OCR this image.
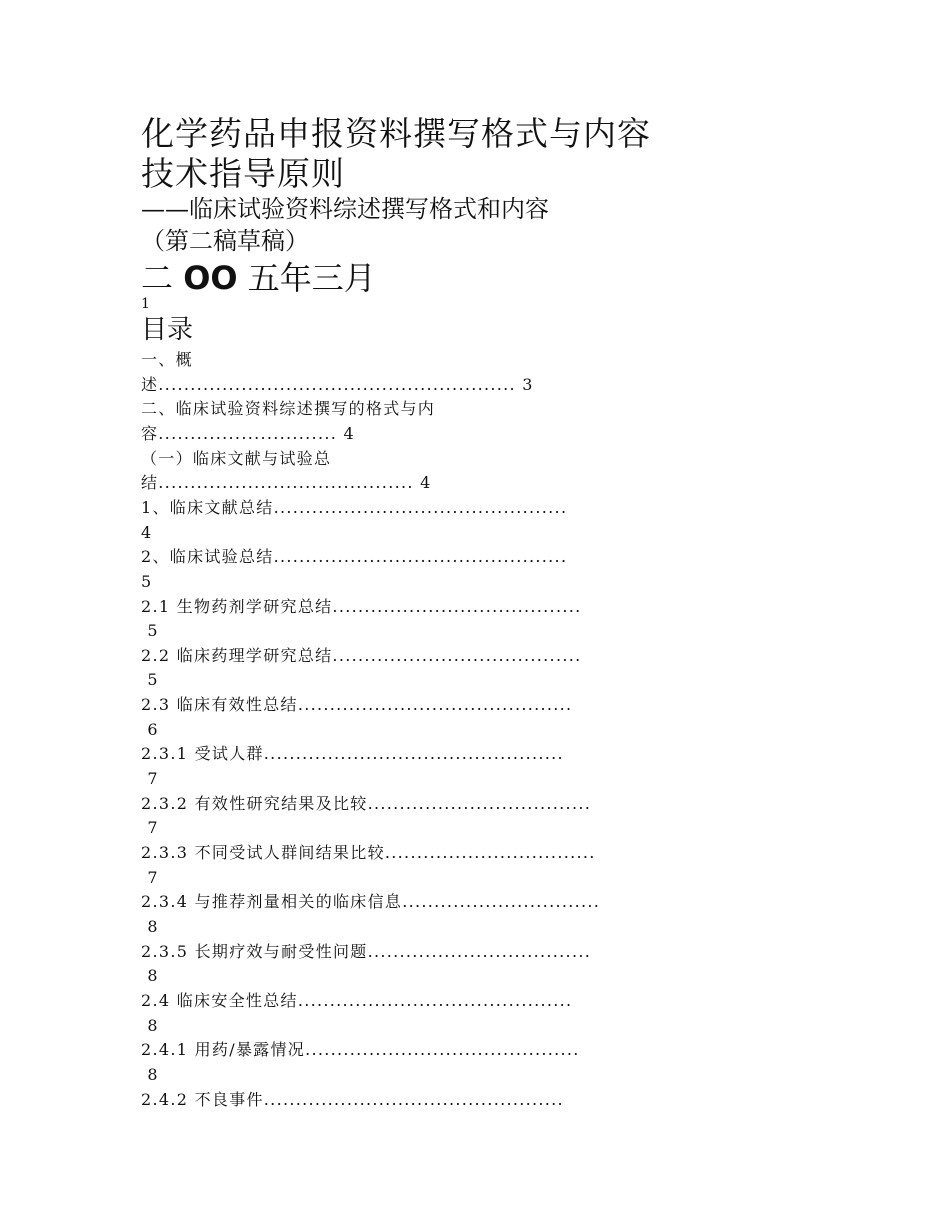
化学药品申报资料撰写格式与内容
技术指导原则
——临床试验资料综述撰写格式和内容
（第二稿草稿）
二 OO 五年三月
1
目录
一、概
述........................................................ 3
二、临床试验资料综述撰写的格式与内
容............................ 4
（一）临床文献与试验总
结........................................ 4
1、临床文献总结..............................................
4
2、临床试验总结..............................................
5
2.1 生物药剂学研究总结.......................................
5
2.2 临床药理学研究总结.......................................
5
2.3 临床有效性总结...........................................
6
2.3.1 受试人群...............................................
7
2.3.2 有效性研究结果及比较...................................
7
2.3.3 不同受试人群间结果比较.................................
7
2.3.4 与推荐剂量相关的临床信息...............................
8
2.3.5 长期疗效与耐受性问题...................................
8
2.4 临床安全性总结...........................................
8
2.4.1 用药/暴露情况...........................................
8
2.4.2 不良事件...............................................
